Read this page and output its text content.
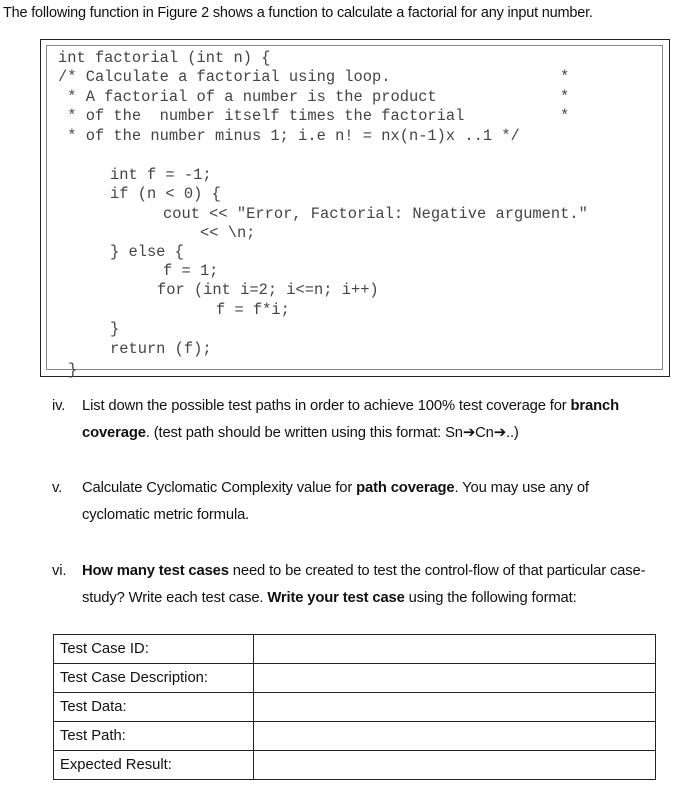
The following function in Figure 2 shows a function to calculate a factorial for any input number.
int factorial (int n) {
/* Calculate a factorial using loop.	*
* A factorial of a number is the product	*
* of the  number itself times the factorial	*
* of the number minus 1; i.e n! = nx(n-1)x ..1 */
int f = -1;
if (n < 0) {
cout << "Error, Factorial: Negative argument."
<< \n;
} else {
f = 1;
for (int i=2; i<=n; i++)
f = f*i;
}
return (f);
}
iv. List down the possible test paths in order to achieve 100% test coverage for branch coverage. (test path should be written using this format: Sn➔Cn➔..)
v. Calculate Cyclomatic Complexity value for path coverage. You may use any of cyclomatic metric formula.
vi. How many test cases need to be created to test the control-flow of that particular case-study? Write each test case. Write your test case using the following format:
Test Case ID:	
Test Case Description:	
Test Data:	
Test Path:	
Expected Result:	
